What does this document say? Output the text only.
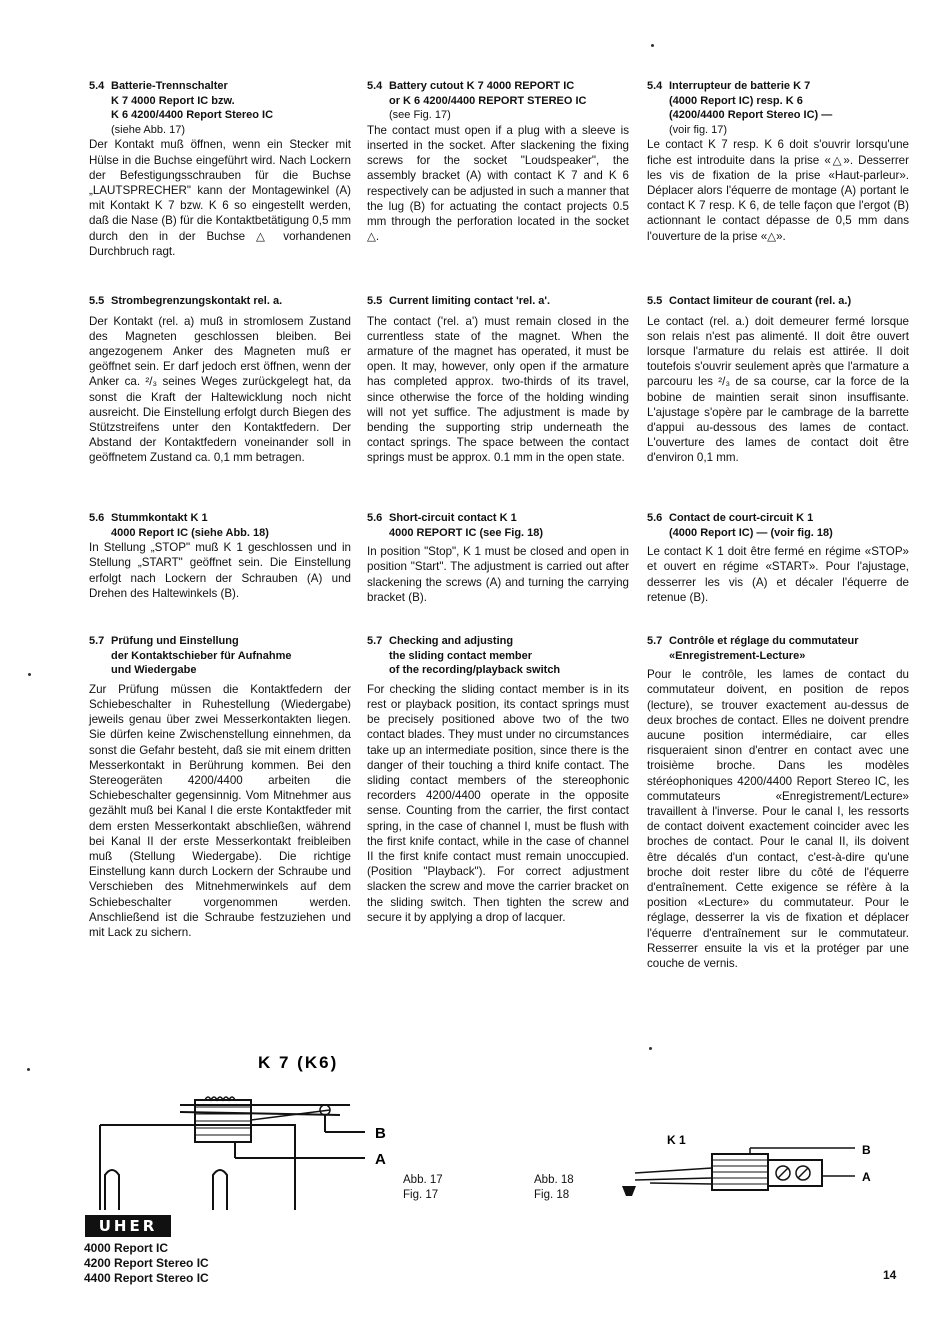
5.4 Batterie-Trennschalter
K 7 4000 Report IC bzw.
K 6 4200/4400 Report Stereo IC
(siehe Abb. 17)

Der Kontakt muß öffnen, wenn ein Stecker mit Hülse in die Buchse eingeführt wird. Nach Lockern der Befestigungsschrauben für die Buchse „LAUTSPRECHER" kann der Montagewinkel (A) mit Kontakt K 7 bzw. K 6 so eingestellt werden, daß die Nase (B) für die Kontaktbetätigung 0,5 mm durch den in der Buchse △ vorhandenen Durchbruch ragt.

5.5 Strombegrenzungskontakt rel. a.

Der Kontakt (rel. a) muß in stromlosem Zustand des Magneten geschlossen bleiben. Bei angezogenem Anker des Magneten muß er geöffnet sein. Er darf jedoch erst öffnen, wenn der Anker ca. ²/₃ seines Weges zurückgelegt hat, da sonst die Kraft der Haltewicklung noch nicht ausreicht. Die Einstellung erfolgt durch Biegen des Stützstreifens unter den Kontaktfedern. Der Abstand der Kontaktfedern voneinander soll in geöffnetem Zustand ca. 0,1 mm betragen.

5.6 Stummkontakt K 1
4000 Report IC (siehe Abb. 18)

In Stellung „STOP" muß K 1 geschlossen und in Stellung „START" geöffnet sein. Die Einstellung erfolgt nach Lockern der Schrauben (A) und Drehen des Haltewinkels (B).

5.7 Prüfung und Einstellung
der Kontaktschieber für Aufnahme
und Wiedergabe

Zur Prüfung müssen die Kontaktfedern der Schiebeschalter in Ruhestellung (Wiedergabe) jeweils genau über zwei Messerkontakten liegen. Sie dürfen keine Zwischenstellung einnehmen, da sonst die Gefahr besteht, daß sie mit einem dritten Messerkontakt in Berührung kommen. Bei den Stereogeräten 4200/4400 arbeiten die Schiebeschalter gegensinnig. Vom Mitnehmer aus gezählt muß bei Kanal I die erste Kontaktfeder mit dem ersten Messerkontakt abschließen, während bei Kanal II der erste Messerkontakt freibleiben muß (Stellung Wiedergabe). Die richtige Einstellung kann durch Lockern der Schraube und Verschieben des Mitnehmerwinkels auf dem Schiebeschalter vorgenommen werden. Anschließend ist die Schraube festzuziehen und mit Lack zu sichern.

5.4 Battery cutout K 7 4000 REPORT IC
or K 6 4200/4400 REPORT STEREO IC
(see Fig. 17)

The contact must open if a plug with a sleeve is inserted in the socket. After slackening the fixing screws for the socket "Loudspeaker", the assembly bracket (A) with contact K 7 and K 6 respectively can be adjusted in such a manner that the lug (B) for actuating the contact projects 0.5 mm through the perforation located in the socket △.

5.5 Current limiting contact 'rel. a'.

The contact ('rel. a') must remain closed in the currentless state of the magnet. When the armature of the magnet has operated, it must be open. It may, however, only open if the armature has completed approx. two-thirds of its travel, since otherwise the force of the holding winding will not yet suffice. The adjustment is made by bending the supporting strip underneath the contact springs. The space between the contact springs must be approx. 0.1 mm in the open state.

5.6 Short-circuit contact K 1
4000 REPORT IC (see Fig. 18)

In position "Stop", K 1 must be closed and open in position "Start". The adjustment is carried out after slackening the screws (A) and turning the carrying bracket (B).

5.7 Checking and adjusting
the sliding contact member
of the recording/playback switch

For checking the sliding contact member is in its rest or playback position, its contact springs must be precisely positioned above two of the two contact blades. They must under no circumstances take up an intermediate position, since there is the danger of their touching a third knife contact. The sliding contact members of the stereophonic recorders 4200/4400 operate in the opposite sense. Counting from the carrier, the first contact spring, in the case of channel I, must be flush with the first knife contact, while in the case of channel II the first knife contact must remain unoccupied. (Position "Playback"). For correct adjustment slacken the screw and move the carrier bracket on the sliding switch. Then tighten the screw and secure it by applying a drop of lacquer.

5.4 Interrupteur de batterie K 7
(4000 Report IC) resp. K 6
(4200/4400 Report Stereo IC) —
(voir fig. 17)

Le contact K 7 resp. K 6 doit s'ouvrir lorsqu'une fiche est introduite dans la prise «△». Desserrer les vis de fixation de la prise «Haut-parleur». Déplacer alors l'équerre de montage (A) portant le contact K 7 resp. K 6, de telle façon que l'ergot (B) actionnant le contact dépasse de 0,5 mm dans l'ouverture de la prise «△».

5.5 Contact limiteur de courant (rel. a.)

Le contact (rel. a.) doit demeurer fermé lorsque son relais n'est pas alimenté. Il doit être ouvert lorsque l'armature du relais est attirée. Il doit toutefois s'ouvrir seulement après que l'armature a parcouru les ²/₃ de sa course, car la force de la bobine de maintien serait sinon insuffisante. L'ajustage s'opère par le cambrage de la barrette d'appui au-dessous des lames de contact. L'ouverture des lames de contact doit être d'environ 0,1 mm.

5.6 Contact de court-circuit K 1
(4000 Report IC) — (voir fig. 18)

Le contact K 1 doit être fermé en régime «STOP» et ouvert en régime «START». Pour l'ajustage, desserrer les vis (A) et décaler l'équerre de retenue (B).

5.7 Contrôle et réglage du commutateur
«Enregistrement-Lecture»

Pour le contrôle, les lames de contact du commutateur doivent, en position de repos (lecture), se trouver exactement au-dessus de deux broches de contact. Elles ne doivent prendre aucune position intermédiaire, car elles risqueraient sinon d'entrer en contact avec une troisième broche. Dans les modèles stéréophoniques 4200/4400 Report Stereo IC, les commutateurs «Enregistrement/Lecture» travaillent à l'inverse. Pour le canal I, les ressorts de contact doivent exactement coincider avec les broches de contact. Pour le canal II, ils doivent être décalés d'un contact, c'est-à-dire qu'une broche doit rester libre du côté de l'équerre d'entraînement. Cette exigence se réfère à la position «Lecture» du commutateur. Pour le réglage, desserrer la vis de fixation et déplacer l'équerre d'entraînement sur le commutateur. Resserrer ensuite la vis et la protéger par une couche de vernis.

K 7 (K6)
B
A
Abb. 17
Fig. 17
K 1
B
A
Abb. 18
Fig. 18
UHER
4000 Report IC
4200 Report Stereo IC
4400 Report Stereo IC	14
